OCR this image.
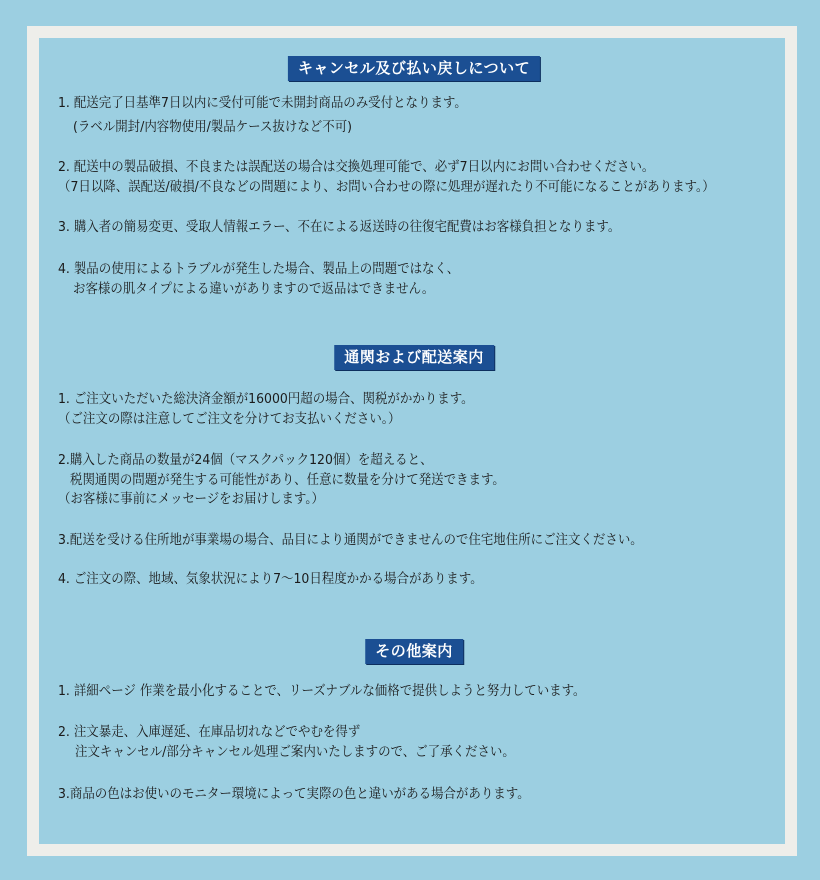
キャンセル及び払い戻しについて
1. 配送完了日基準7日以内に受付可能で未開封商品のみ受付となります。
(ラベル開封/内容物使用/製品ケース抜けなど不可)
2. 配送中の製品破損、不良または誤配送の場合は交換処理可能で、必ず7日以内にお問い合わせください。
（7日以降、誤配送/破損/不良などの問題により、お問い合わせの際に処理が遅れたり不可能になることがあります。）
3. 購入者の簡易変更、受取人情報エラー、不在による返送時の往復宅配費はお客様負担となります。
4. 製品の使用によるトラブルが発生した場合、製品上の問題ではなく、
お客様の肌タイプによる違いがありますので返品はできません。
通関および配送案内
1. ご注文いただいた総決済金額が16000円超の場合、関税がかかります。
（ご注文の際は注意してご注文を分けてお支払いください。）
2.購入した商品の数量が24個（マスクパック120個）を超えると、
税関通関の問題が発生する可能性があり、任意に数量を分けて発送できます。
（お客様に事前にメッセージをお届けします。）
3.配送を受ける住所地が事業場の場合、品目により通関ができませんので住宅地住所にご注文ください。
4. ご注文の際、地域、気象状況により7～10日程度かかる場合があります。
その他案内
1. 詳細ページ 作業を最小化することで、リーズナブルな価格で提供しようと努力しています。
2. 注文暴走、入庫遅延、在庫品切れなどでやむを得ず
注文キャンセル/部分キャンセル処理ご案内いたしますので、ご了承ください。
3.商品の色はお使いのモニター環境によって実際の色と違いがある場合があります。
